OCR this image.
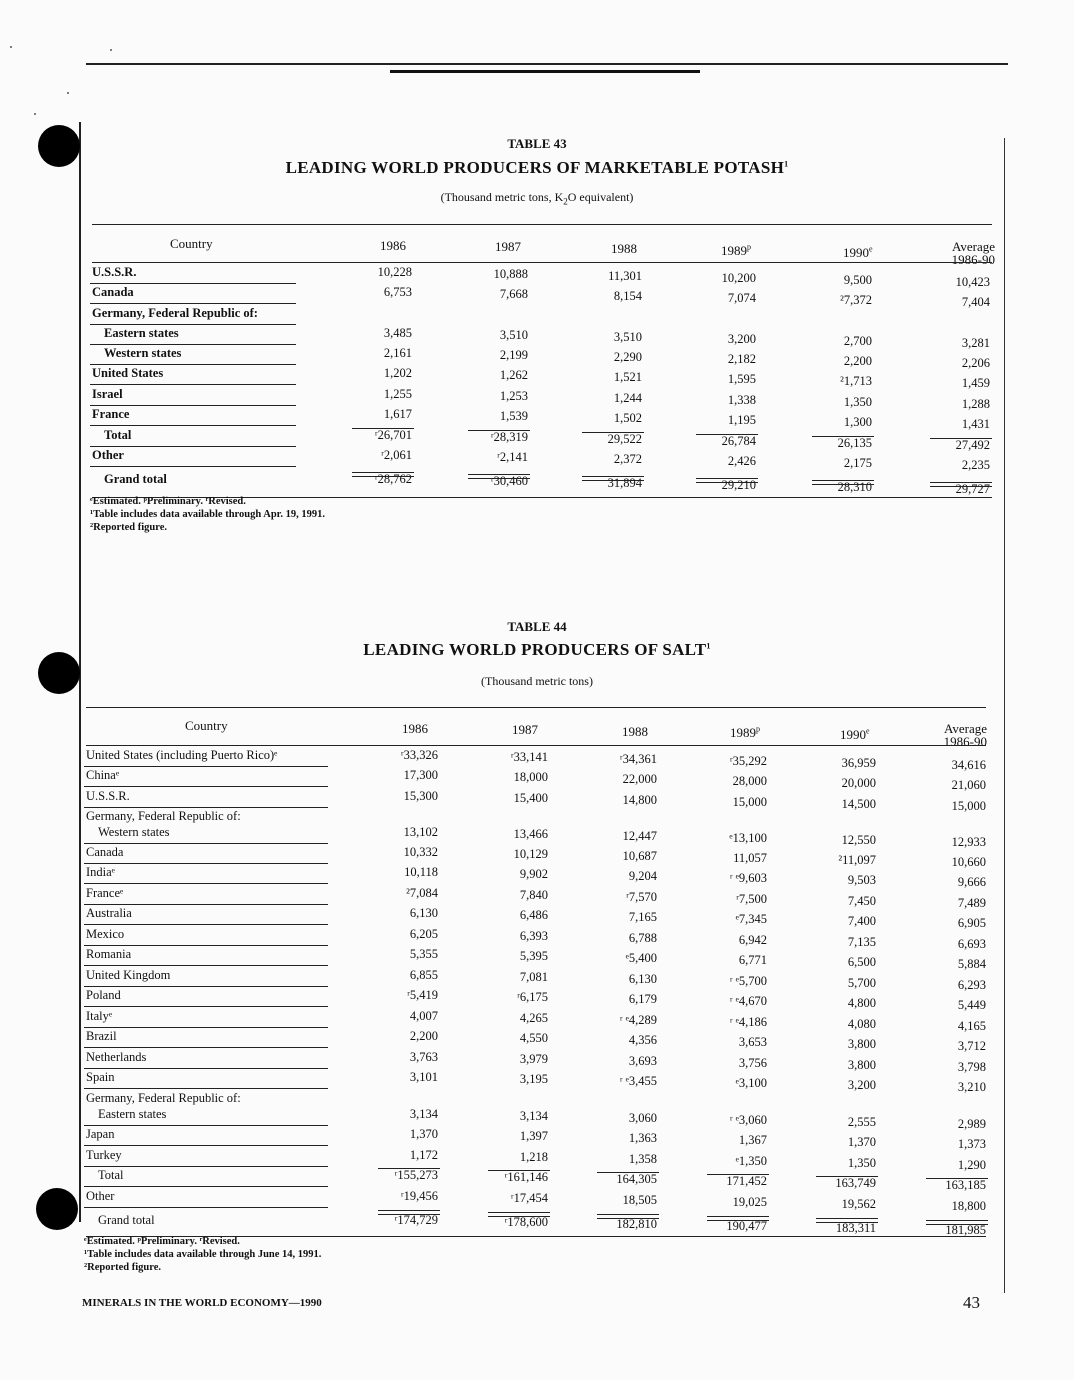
TABLE 43
LEADING WORLD PRODUCERS OF MARKETABLE POTASH$^1$
(Thousand metric tons, $K_2O$ equivalent)
Country	1986	1987	1988	1989$^p$	1990e	Average
1986-90
U.S.S.R.	10,228	10,888	11,301	10,200	9,500	10,423
Canada	6,753	7,668	8,154	7,074	²7,372	7,404
Germany, Federal Republic of:
Eastern states	3,485	3,510	3,510	3,200	2,700	3,281
Western states	2,161	2,199	2,290	2,182	2,200	2,206
United States	1,202	1,262	1,521	1,595	²1,713	1,459
Israel	1,255	1,253	1,244	1,338	1,350	1,288
France	1,617	1,539	1,502	1,195	1,300	1,431
Total	ʳ26,701	ʳ28,319	29,522	26,784	26,135	27,492
Other	ʳ2,061	ʳ2,141	2,372	2,426	2,175	2,235
Grand total	ʳ28,762	ʳ30,460	31,894	29,210	28,310	29,727
ᵉEstimated. ᵖPreliminary. ʳRevised.
¹Table includes data available through Apr. 19, 1991.
²Reported figure.
TABLE 44
LEADING WORLD PRODUCERS OF SALT$^1$
(Thousand metric tons)
Country	1986	1987	1988	1989$^p$	1990e	Average
1986-90
United States (including Puerto Rico)ᵉ	ʳ33,326	ʳ33,141	ʳ34,361	ʳ35,292	36,959	34,616
Chinaᵉ	17,300	18,000	22,000	28,000	20,000	21,060
U.S.S.R.	15,300	15,400	14,800	15,000	14,500	15,000
Germany, Federal Republic of:
Western states	13,102	13,466	12,447	ᵉ13,100	12,550	12,933
Canada	10,332	10,129	10,687	11,057	²11,097	10,660
Indiaᵉ	10,118	9,902	9,204	ʳ ᵉ9,603	9,503	9,666
Franceᵉ	²7,084	7,840	ʳ7,570	ʳ7,500	7,450	7,489
Australia	6,130	6,486	7,165	ᵉ7,345	7,400	6,905
Mexico	6,205	6,393	6,788	6,942	7,135	6,693
Romania	5,355	5,395	ᵉ5,400	6,771	6,500	5,884
United Kingdom	6,855	7,081	6,130	ʳ ᵉ5,700	5,700	6,293
Poland	ʳ5,419	ʳ6,175	6,179	ʳ ᵉ4,670	4,800	5,449
Italyᵉ	4,007	4,265	ʳ ᵉ4,289	ʳ ᵉ4,186	4,080	4,165
Brazil	2,200	4,550	4,356	3,653	3,800	3,712
Netherlands	3,763	3,979	3,693	3,756	3,800	3,798
Spain	3,101	3,195	ʳ ᵉ3,455	ᵉ3,100	3,200	3,210
Germany, Federal Republic of:
Eastern states	3,134	3,134	3,060	ʳ ᵉ3,060	2,555	2,989
Japan	1,370	1,397	1,363	1,367	1,370	1,373
Turkey	1,172	1,218	1,358	ᵉ1,350	1,350	1,290
Total	ʳ155,273	ʳ161,146	164,305	171,452	163,749	163,185
Other	ʳ19,456	ʳ17,454	18,505	19,025	19,562	18,800
Grand total	ʳ174,729	ʳ178,600	182,810	190,477	183,311	181,985
ᵉEstimated. ᵖPreliminary. ʳRevised.
¹Table includes data available through June 14, 1991.
²Reported figure.
MINERALS IN THE WORLD ECONOMY—1990	43
